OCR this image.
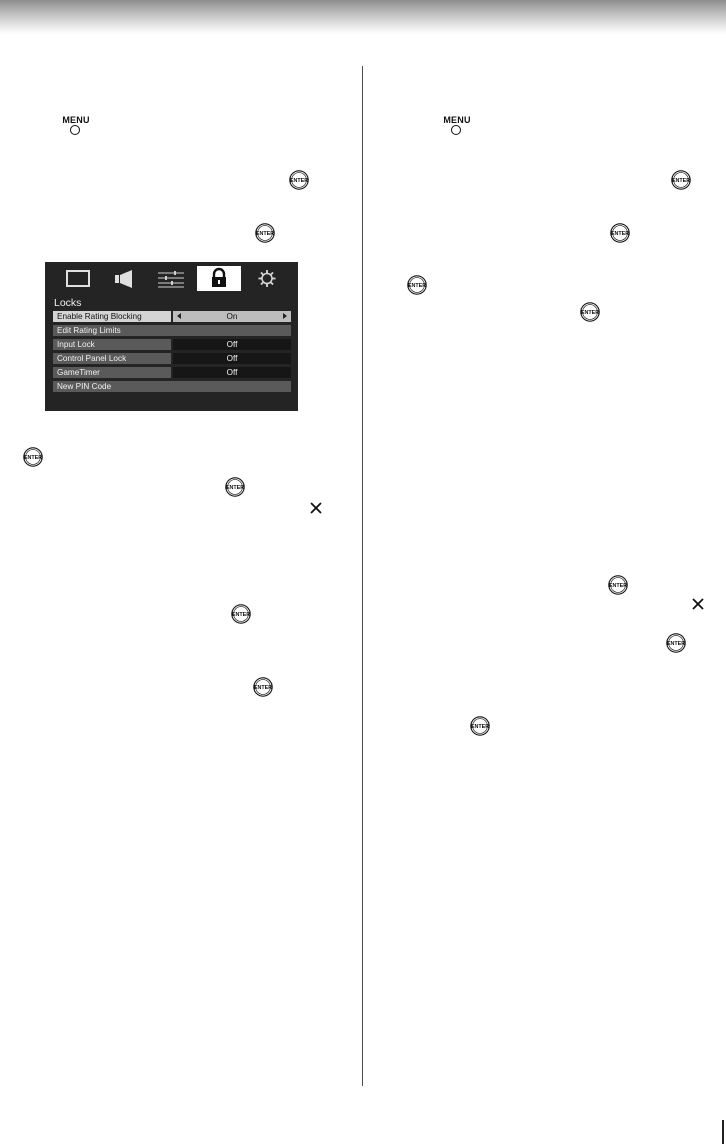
MENU	MENU
ENTER
ENTER
ENTER
ENTER
ENTER
ENTER
ENTER
ENTER
ENTER
ENTER
ENTER
ENTER
ENTER
Locks
Enable Rating Blocking	On
Edit Rating Limits
Input Lock	Off
Control Panel Lock	Off
GameTimer	Off
New PIN Code
